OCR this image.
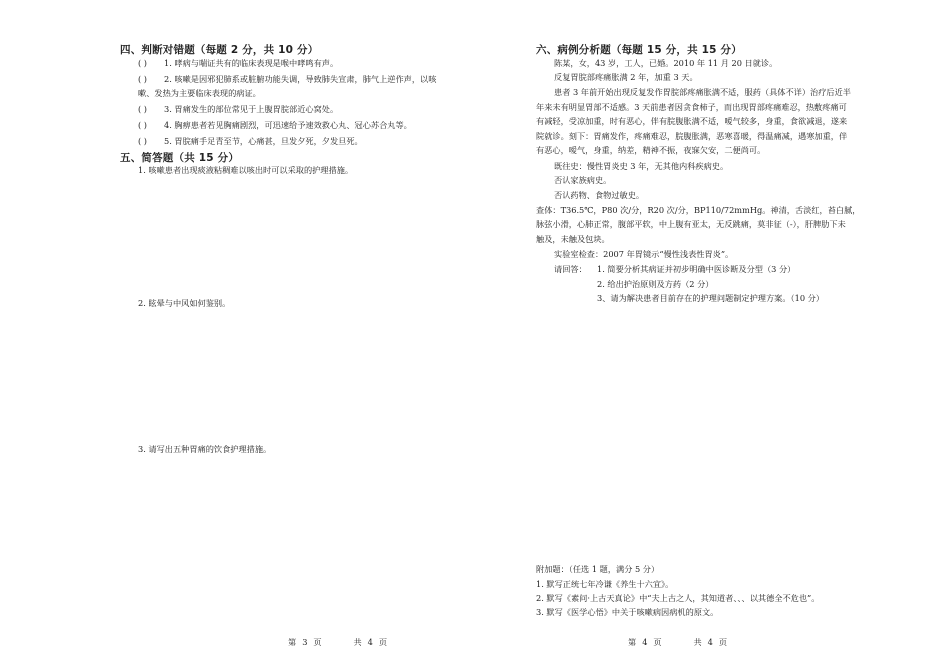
四、判断对错题（每题 2 分，共 10 分）
( ) 1. 哮病与喘证共有的临床表现是喉中哮鸣有声。
( ) 2. 咳嗽是因邪犯肺系或脏腑功能失调，导致肺失宣肃，肺气上逆作声，以咳
嗽、发热为主要临床表现的病证。
( ) 3. 胃痛发生的部位常见于上腹胃脘部近心窝处。
( ) 4. 胸痹患者若见胸痛剧烈，可迅速给予速效救心丸、冠心苏合丸等。
( ) 5. 胃脘痛手足青至节，心痛甚，旦发夕死，夕发旦死。
五、简答题（共 15 分）
1. 咳嗽患者出现痰液粘稠难以咳出时可以采取的护理措施。
2. 眩晕与中风如何鉴别。
3. 请写出五种胃痛的饮食护理措施。
第 3 页	共 4 页
六、病例分析题（每题 15 分，共 15 分）
陈某，女，43 岁，工人，已婚。2010 年 11 月 20 日就诊。
反复胃脘部疼痛胀满 2 年，加重 3 天。
患者 3 年前开始出现反复发作胃脘部疼痛胀满不适，服药（具体不详）治疗后近半
年来未有明显胃部不适感。3 天前患者因贪食柿子，而出现胃部疼痛难忍，热敷疼痛可
有减轻，受凉加重，时有恶心，伴有脘腹胀满不适，嗳气较多，身重，食欲减退，遂来
院就诊。刻下：胃痛发作，疼痛难忍，脘腹胀满，恶寒喜暖，得温痛减，遇寒加重，伴
有恶心，嗳气，身重，纳差，精神不振，夜寐欠安，二便尚可。
既往史：慢性胃炎史 3 年，无其他内科疾病史。
否认家族病史。
否认药物、食物过敏史。
查体：T36.5℃，P80 次/分，R20 次/分，BP110/72mmHg。神清，舌淡红，苔白腻，
脉弦小滑，心肺正常，腹部平软，中上腹有亚太，无反跳痛，莫非征（-），肝脾肋下未
触及，未触及包块。
实验室检查：2007 年胃镜示“慢性浅表性胃炎”。
请回答： 1. 简要分析其病证并初步明确中医诊断及分型（3 分）
2. 给出护治原则及方药（2 分）
3、请为解决患者目前存在的护理问题制定护理方案。（10 分）
附加题：（任选 1 题，满分 5 分）
1. 默写正统七年冷谦《养生十六宜》。
2. 默写《素问·上古天真论》中“夫上古之人，其知道者、、、以其德全不危也”。
3. 默写《医学心悟》中关于咳嗽病因病机的原文。
第 4 页	共 4 页
